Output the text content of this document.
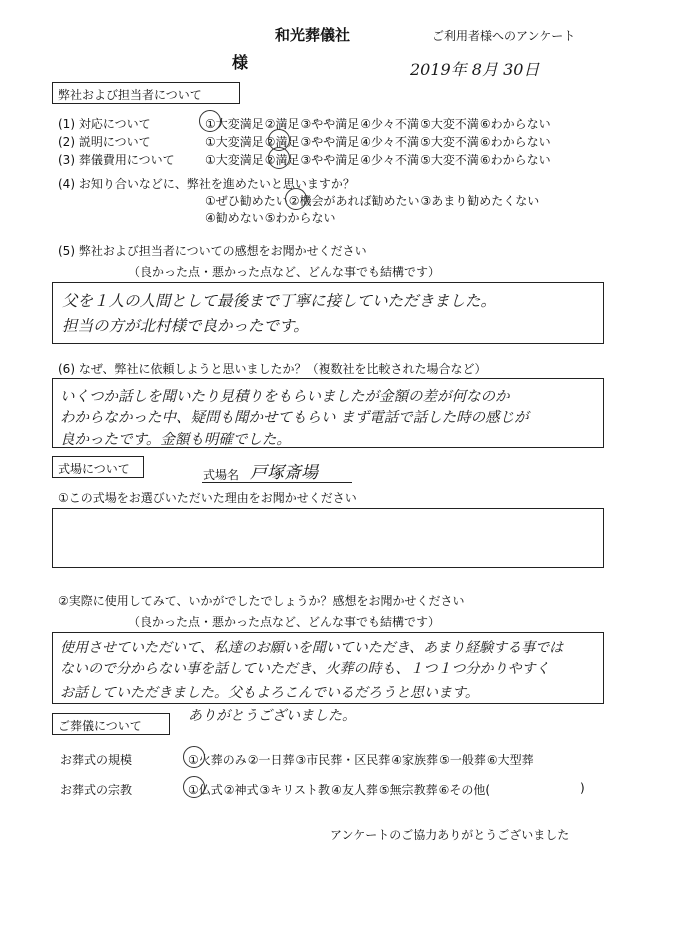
和光葬儀社	ご利用者様へのアンケート
様	2019年 8月 30日
弊社および担当者について
(1) 対応について	①大変満足②満足③やや満足④少々不満⑤大変不満⑥わからない
(2) 説明について	①大変満足②満足③やや満足④少々不満⑤大変不満⑥わからない
(3) 葬儀費用について	①大変満足②満足③やや満足④少々不満⑤大変不満⑥わからない
(4) お知り合いなどに、弊社を進めたいと思いますか？
①ぜひ勧めたい②機会があれば勧めたい③あまり勧めたくない
④勧めない⑤わからない
(5) 弊社および担当者についての感想をお聞かせください
（良かった点・悪かった点など、どんな事でも結構です）
父を１人の人間として最後まで丁寧に接していただきました。
担当の方が北村様で良かったです。
(6) なぜ、弊社に依頼しようと思いましたか？（複数社を比較された場合など）
いくつか話しを聞いたり見積りをもらいましたが金額の差が何なのか
わからなかった中、疑問も聞かせてもらい まず電話で話した時の感じが
良かったです。金額も明確でした。
式場について	式場名 戸塚斎場
①この式場をお選びいただいた理由をお聞かせください
②実際に使用してみて、いかがでしたでしょうか？感想をお聞かせください
（良かった点・悪かった点など、どんな事でも結構です）
使用させていただいて、私達のお願いを聞いていただき、あまり経験する事では
ないので分からない事を話していただき、火葬の時も、１つ１つ分かりやすく
お話していただきました。父もよろこんでいるだろうと思います。
ありがとうございました。
ご葬儀について
お葬式の規模	①火葬のみ②一日葬③市民葬・区民葬④家族葬⑤一般葬⑥大型葬
お葬式の宗教	①仏式②神式③キリスト教④友人葬⑤無宗教葬⑥その他(	)
アンケートのご協力ありがとうございました
